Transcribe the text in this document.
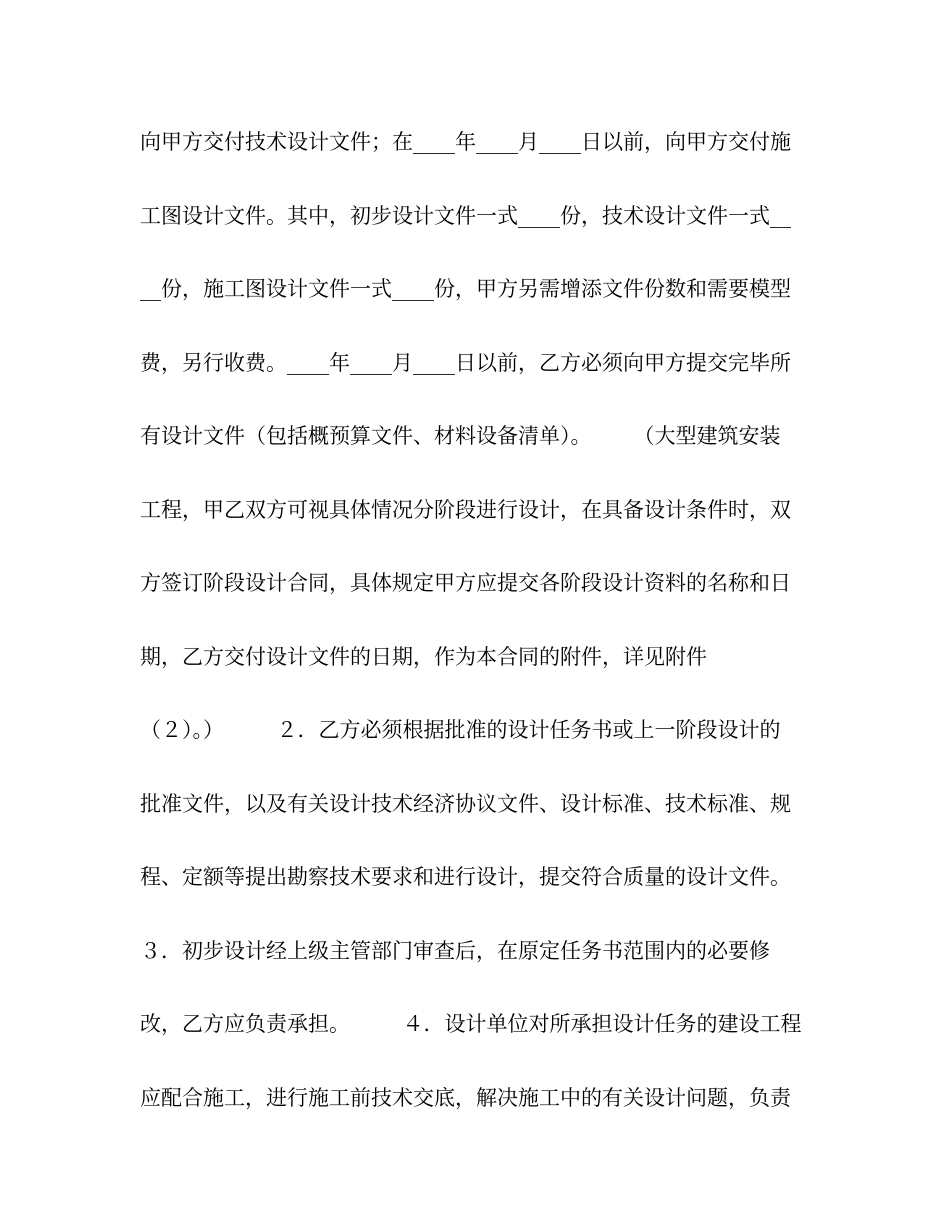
向甲方交付技术设计文件；在____年____月____日以前，向甲方交付施
工图设计文件。其中，初步设计文件一式____份，技术设计文件一式__
__份，施工图设计文件一式____份，甲方另需增添文件份数和需要模型
费，另行收费。____年____月____日以前，乙方必须向甲方提交完毕所
有设计文件（包括概预算文件、材料设备清单）。　　　（大型建筑安装
工程，甲乙双方可视具体情况分阶段进行设计，在具备设计条件时，双
方签订阶段设计合同，具体规定甲方应提交各阶段设计资料的名称和日
期，乙方交付设计文件的日期，作为本合同的附件，详见附件
（２）。）　　　２．乙方必须根据批准的设计任务书或上一阶段设计的
批准文件，以及有关设计技术经济协议文件、设计标准、技术标准、规
程、定额等提出勘察技术要求和进行设计，提交符合质量的设计文件。
３．初步设计经上级主管部门审查后，在原定任务书范围内的必要修
改，乙方应负责承担。　　　４．设计单位对所承担设计任务的建设工程
应配合施工，进行施工前技术交底，解决施工中的有关设计问题，负责
